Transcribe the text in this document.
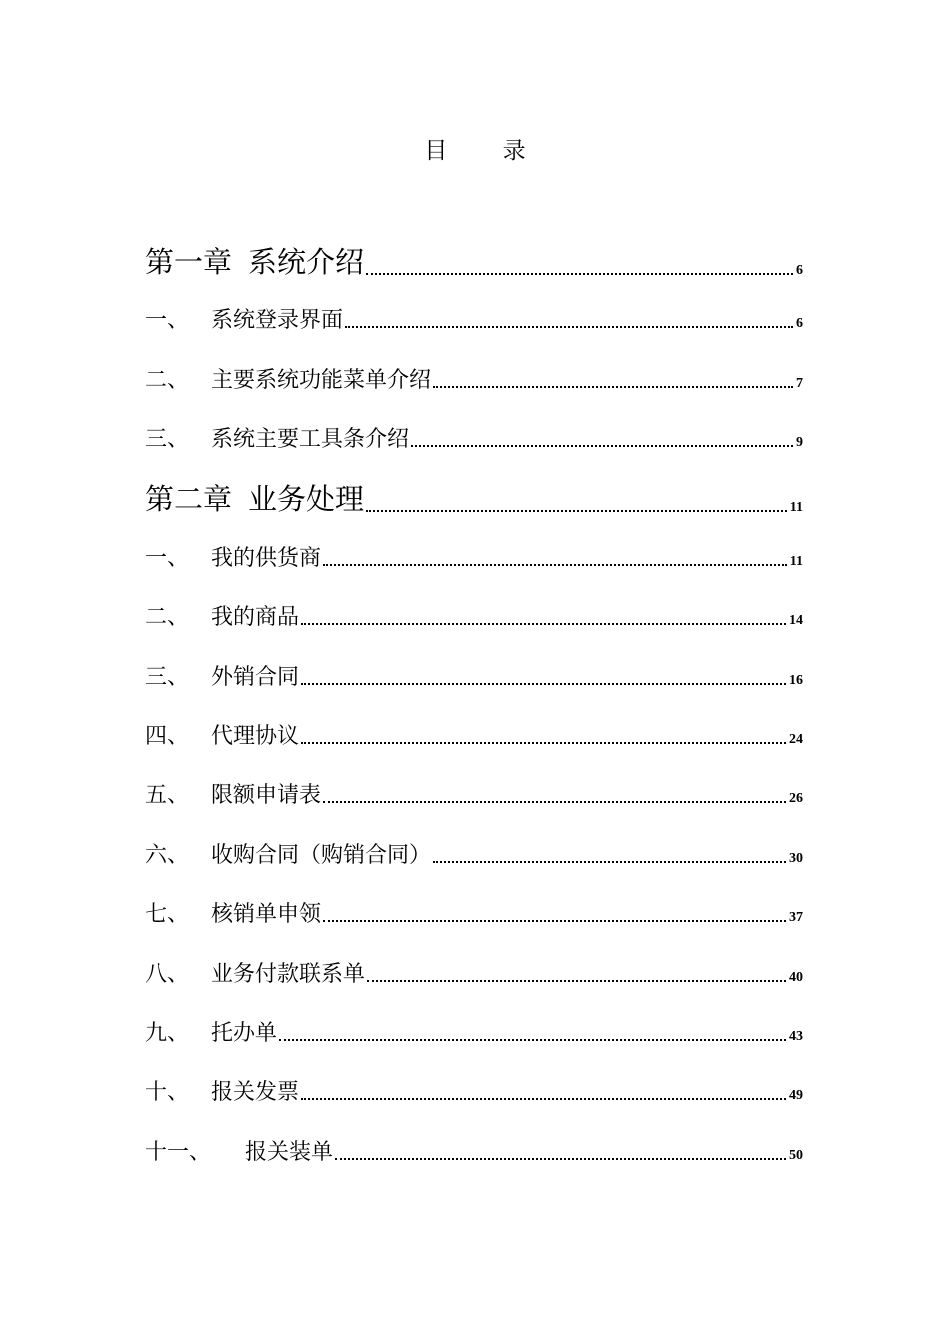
目 录
第一章 系统介绍	6
一、 系统登录界面	6
二、 主要系统功能菜单介绍	7
三、 系统主要工具条介绍	9
第二章 业务处理	11
一、 我的供货商	11
二、 我的商品	14
三、 外销合同	16
四、 代理协议	24
五、 限额申请表	26
六、 收购合同（购销合同）	30
七、 核销单申领	37
八、 业务付款联系单	40
九、 托办单	43
十、 报关发票	49
十一、	报关装单	50
